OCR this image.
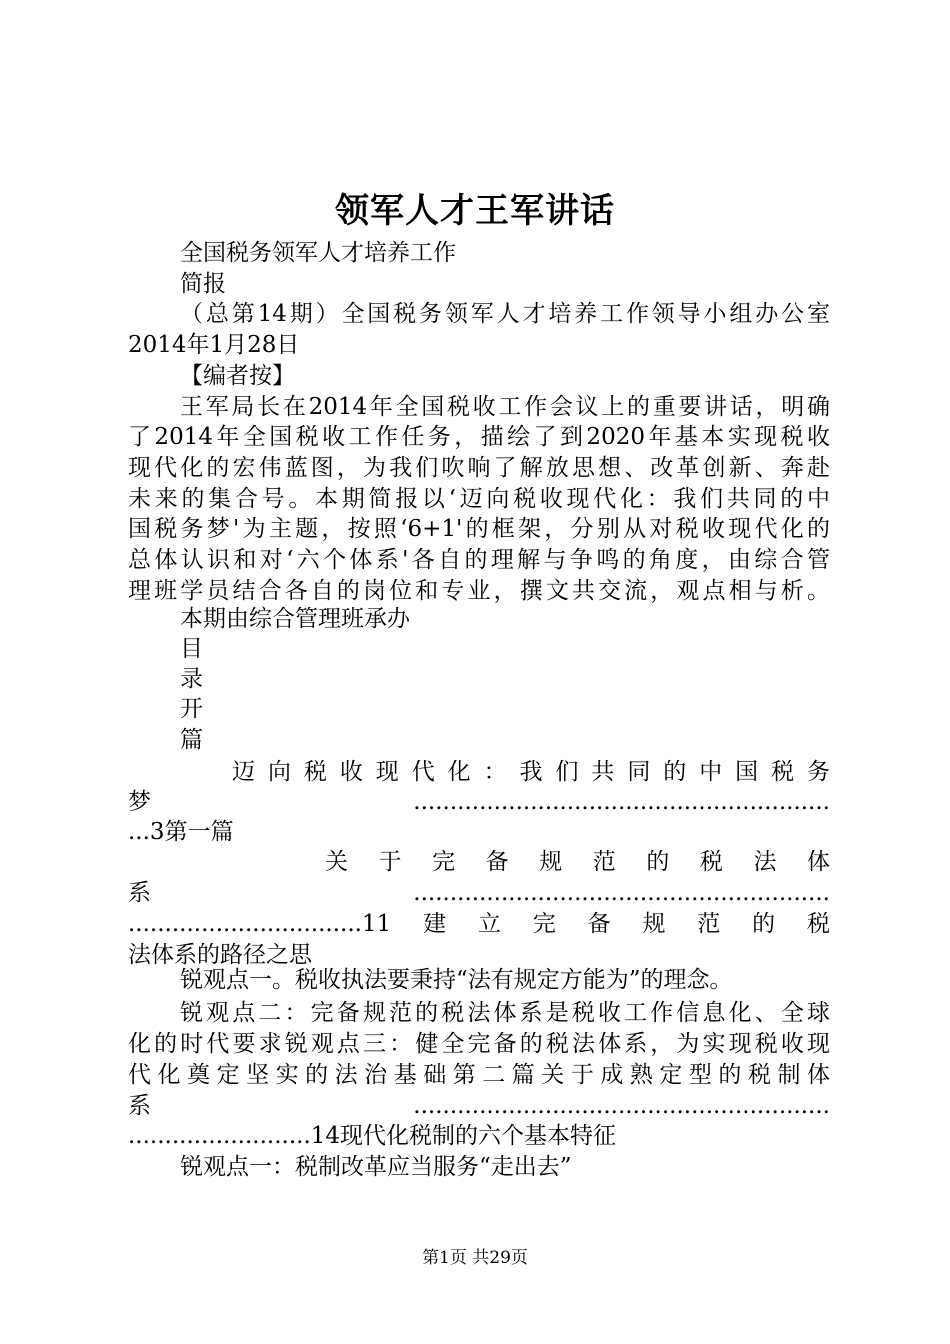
领军人才王军讲话
全国税务领军人才培养工作
简报
（总第14期）全国税务领军人才培养工作领导小组办公室
2014年1月28日
【编者按】
王军局长在2014年全国税收工作会议上的重要讲话，明确
了2014年全国税收工作任务，描绘了到2020年基本实现税收
现代化的宏伟蓝图，为我们吹响了解放思想、改革创新、奔赴
未来的集合号。本期简报以‘迈向税收现代化：我们共同的中
国税务梦'为主题，按照‘6+1'的框架，分别从对税收现代化的
总体认识和对‘六个体系'各自的理解与争鸣的角度，由综合管
理班学员结合各自的岗位和专业，撰文共交流，观点相与析。
本期由综合管理班承办
目
录
开
篇
迈向税收现代化：我们共同的中国税务
梦.........................................................
...3第一篇
关于完备规范的税法体
系.........................................................
................................11建立完备规范的税
法体系的路径之思
锐观点一。税收执法要秉持“法有规定方能为”的理念。
锐观点二：完备规范的税法体系是税收工作信息化、全球
化的时代要求锐观点三：健全完备的税法体系，为实现税收现
代化奠定坚实的法治基础第二篇关于成熟定型的税制体
系.........................................................
.........................14现代化税制的六个基本特征
锐观点一：税制改革应当服务“走出去”
第1页 共29页
